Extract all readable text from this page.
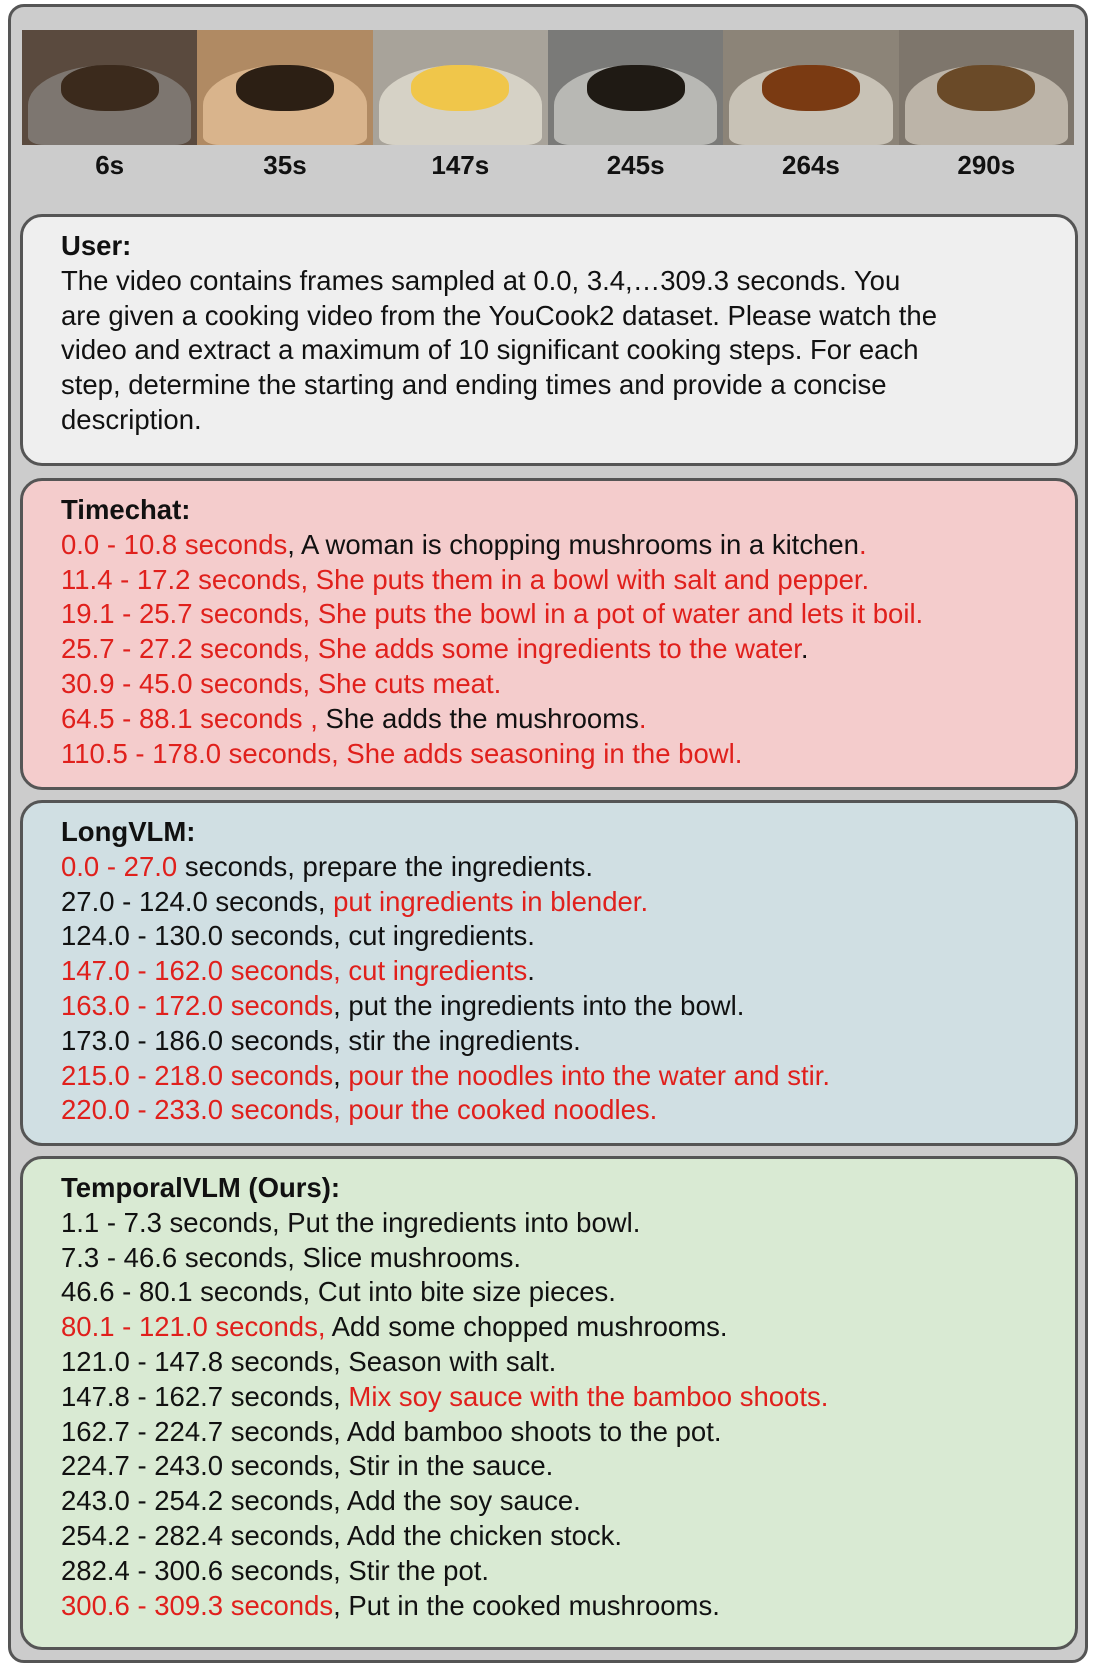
6s	35s	147s	245s	264s	290s
User:
The video contains frames sampled at 0.0, 3.4,…309.3 seconds. You
are given a cooking video from the YouCook2 dataset. Please watch the
video and extract a maximum of 10 significant cooking steps. For each
step, determine the starting and ending times and provide a concise
description.
Timechat:
0.0 - 10.8 seconds, A woman is chopping mushrooms in a kitchen.
11.4 - 17.2 seconds, She puts them in a bowl with salt and pepper.
19.1 - 25.7 seconds, She puts the bowl in a pot of water and lets it boil.
25.7 - 27.2 seconds, She adds some ingredients to the water.
30.9 - 45.0 seconds, She cuts meat.
64.5 - 88.1 seconds , She adds the mushrooms.
110.5 - 178.0 seconds, She adds seasoning in the bowl.
LongVLM:
0.0 - 27.0 seconds, prepare the ingredients.
27.0 - 124.0 seconds, put ingredients in blender.
124.0 - 130.0 seconds, cut ingredients.
147.0 - 162.0 seconds, cut ingredients.
163.0 - 172.0 seconds, put the ingredients into the bowl.
173.0 - 186.0 seconds, stir the ingredients.
215.0 - 218.0 seconds, pour the noodles into the water and stir.
220.0 - 233.0 seconds, pour the cooked noodles.
TemporalVLM (Ours):
1.1 - 7.3 seconds, Put the ingredients into bowl.
7.3 - 46.6 seconds, Slice mushrooms.
46.6 - 80.1 seconds, Cut into bite size pieces.
80.1 - 121.0 seconds, Add some chopped mushrooms.
121.0 - 147.8 seconds, Season with salt.
147.8 - 162.7 seconds, Mix soy sauce with the bamboo shoots.
162.7 - 224.7 seconds, Add bamboo shoots to the pot.
224.7 - 243.0 seconds, Stir in the sauce.
243.0 - 254.2 seconds, Add the soy sauce.
254.2 - 282.4 seconds, Add the chicken stock.
282.4 - 300.6 seconds, Stir the pot.
300.6 - 309.3 seconds, Put in the cooked mushrooms.
